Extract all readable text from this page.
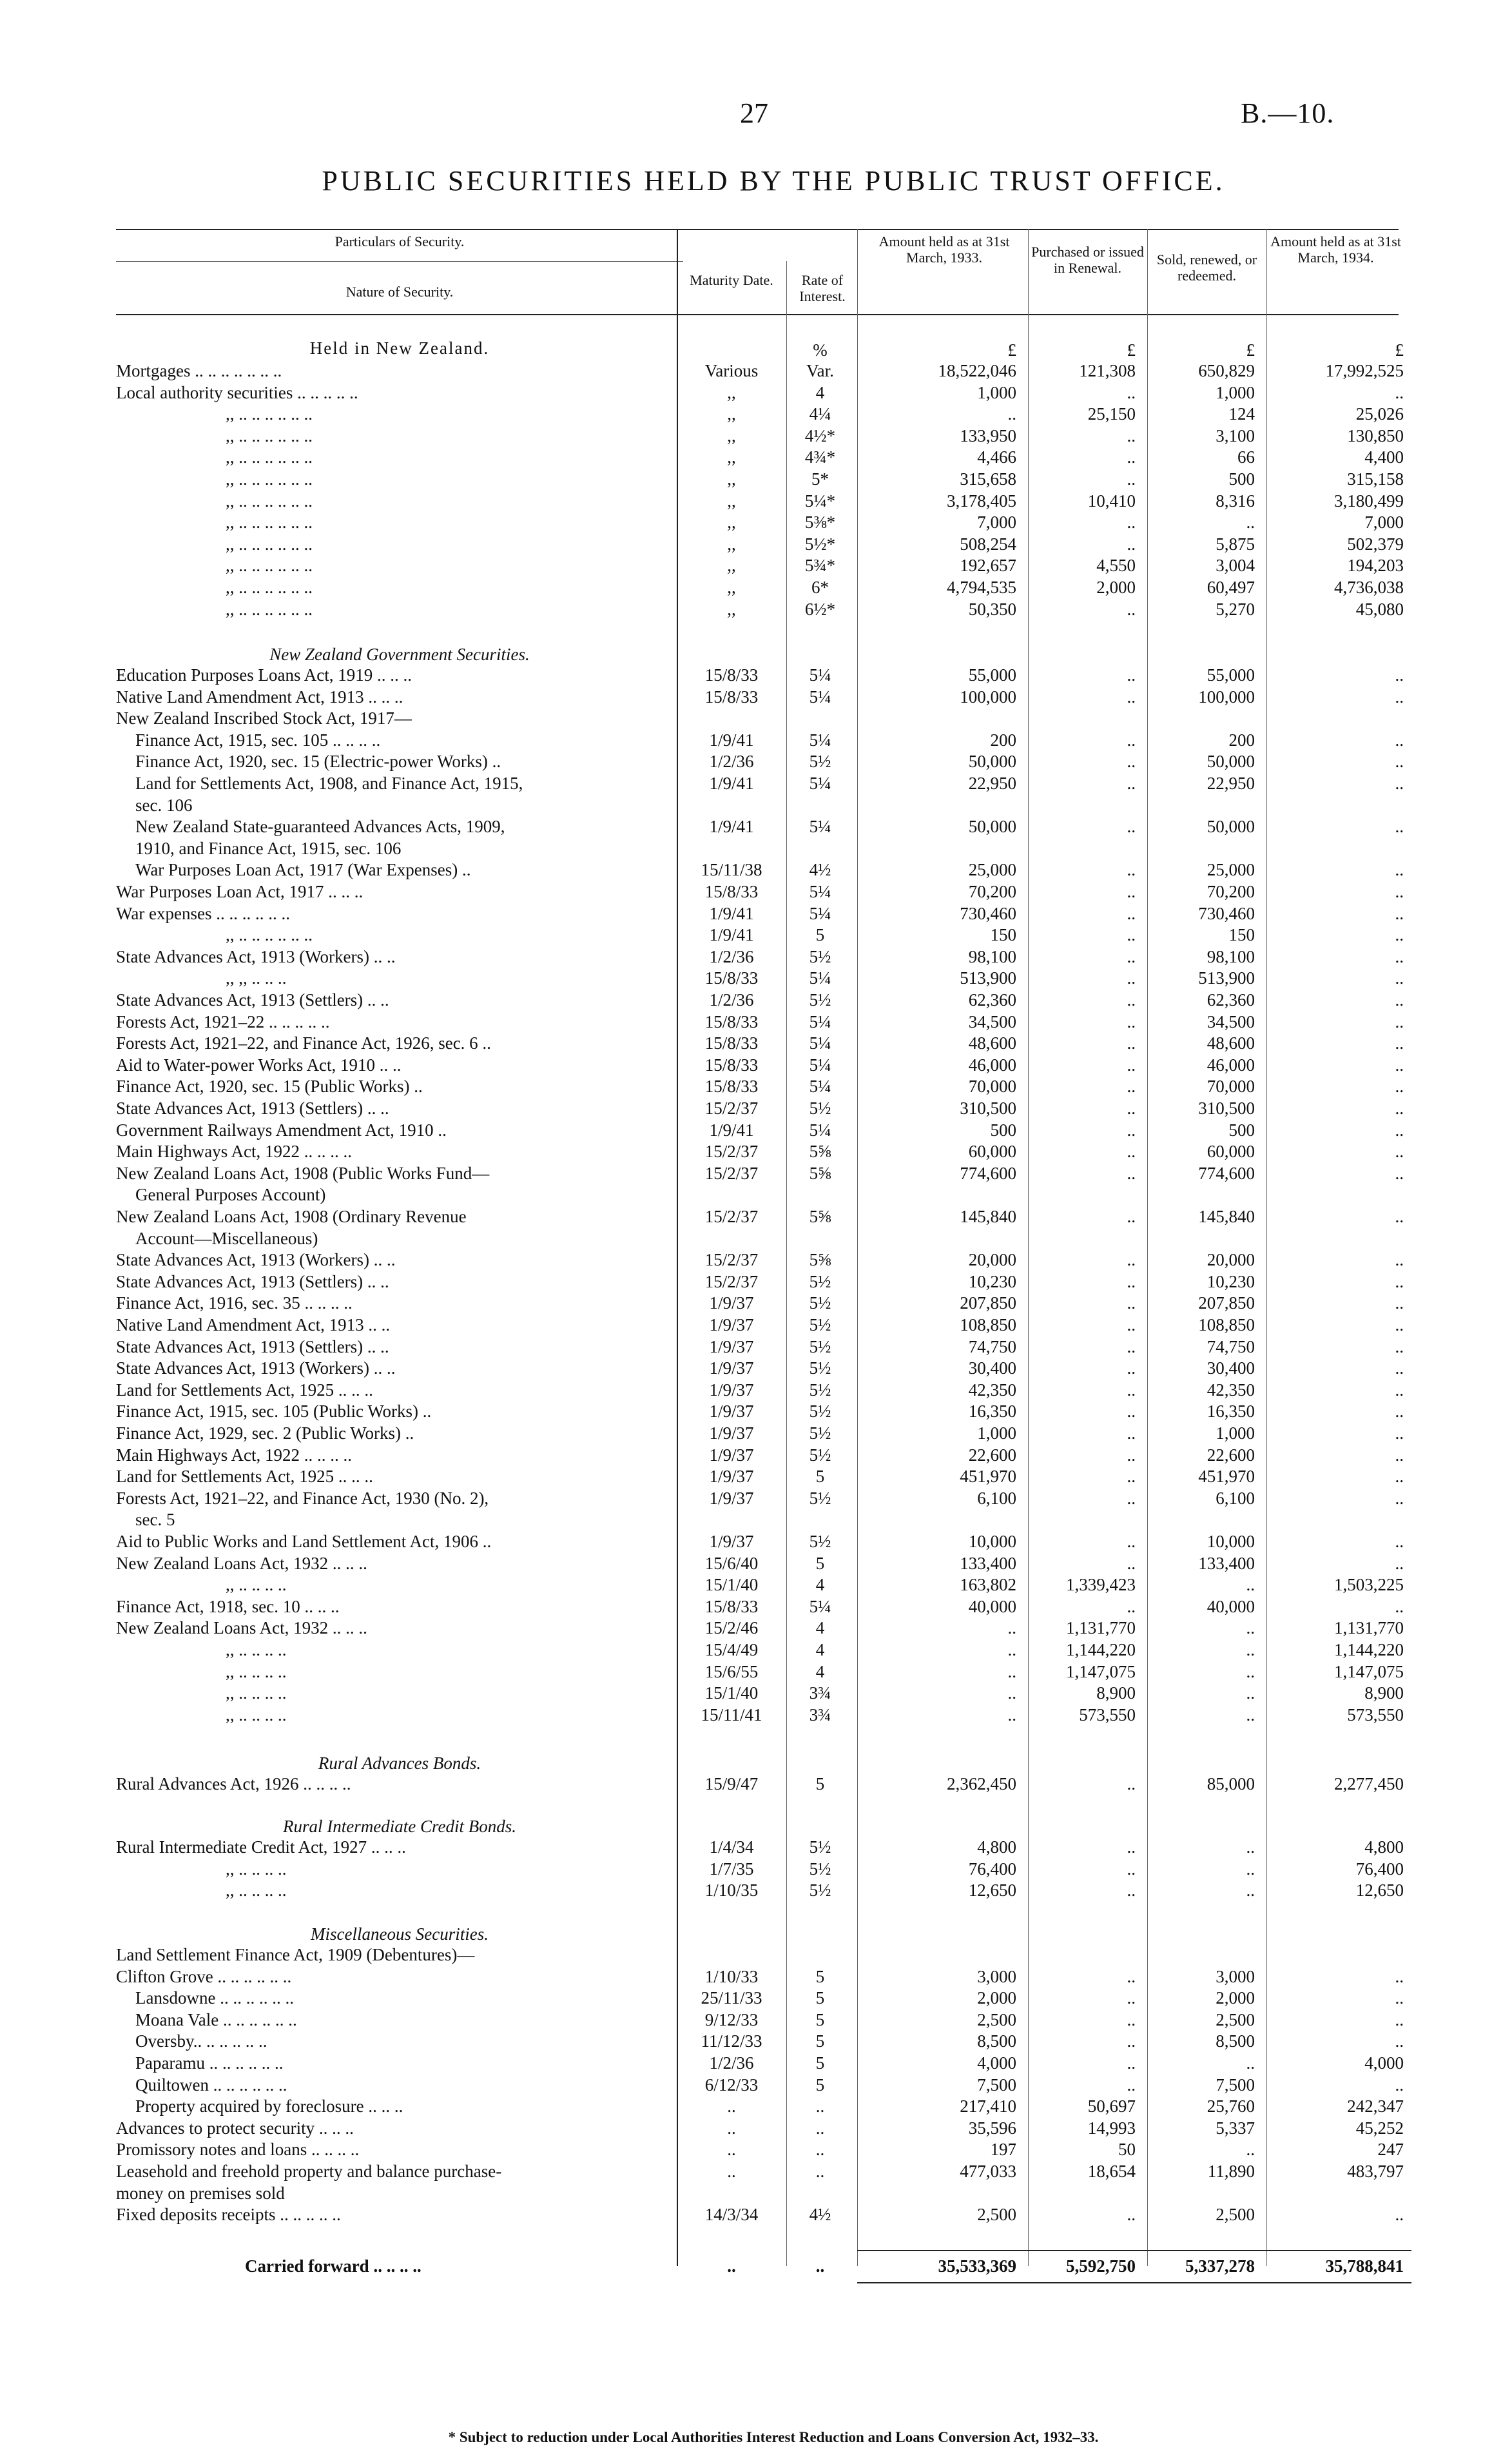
27	B.—10.
PUBLIC SECURITIES HELD BY THE PUBLIC TRUST OFFICE.
Particulars of Security.
Nature of Security.
Maturity Date.	Rate of Interest.
Amount held as at 31st March, 1933.	Purchased or issued in Renewal.
Sold, renewed, or redeemed.
Amount held as at 31st March, 1934.
Held in New Zealand.
New Zealand Government Securities.
Rural Advances Bonds.
Rural Intermediate Credit Bonds.
Miscellaneous Securities.
%	£	£	£	£
Mortgages .. .. .. .. .. .. ..	Various	Var.	18,522,046	121,308	650,829	17,992,525
Local authority securities .. .. .. .. ..	,,	4	1,000	..	1,000	..
,, .. .. .. .. .. ..	,,	4¼	..	25,150	124	25,026
,, .. .. .. .. .. ..	,,	4½*	133,950	..	3,100	130,850
,, .. .. .. .. .. ..	,,	4¾*	4,466	..	66	4,400
,, .. .. .. .. .. ..	,,	5*	315,658	..	500	315,158
,, .. .. .. .. .. ..	,,	5¼*	3,178,405	10,410	8,316	3,180,499
,, .. .. .. .. .. ..	,,	5⅜*	7,000	..	..	7,000
,, .. .. .. .. .. ..	,,	5½*	508,254	..	5,875	502,379
,, .. .. .. .. .. ..	,,	5¾*	192,657	4,550	3,004	194,203
,, .. .. .. .. .. ..	,,	6*	4,794,535	2,000	60,497	4,736,038
,, .. .. .. .. .. ..	,,	6½*	50,350	..	5,270	45,080
Education Purposes Loans Act, 1919 .. .. ..	15/8/33	5¼	55,000	..	55,000	..
Native Land Amendment Act, 1913 .. .. ..	15/8/33	5¼	100,000	..	100,000	..
New Zealand Inscribed Stock Act, 1917—
Finance Act, 1915, sec. 105 .. .. .. ..	1/9/41	5¼	200	..	200	..
Finance Act, 1920, sec. 15 (Electric-power Works) ..	1/2/36	5½	50,000	..	50,000	..
Land for Settlements Act, 1908, and Finance Act, 1915,	1/9/41	5¼	22,950	..	22,950	..
sec. 106
New Zealand State-guaranteed Advances Acts, 1909,	1/9/41	5¼	50,000	..	50,000	..
1910, and Finance Act, 1915, sec. 106
War Purposes Loan Act, 1917 (War Expenses) ..	15/11/38	4½	25,000	..	25,000	..
War Purposes Loan Act, 1917 .. .. ..	15/8/33	5¼	70,200	..	70,200	..
War expenses .. .. .. .. .. ..	1/9/41	5¼	730,460	..	730,460	..
,, .. .. .. .. .. ..	1/9/41	5	150	..	150	..
State Advances Act, 1913 (Workers) .. ..	1/2/36	5½	98,100	..	98,100	..
,, ,, .. .. ..	15/8/33	5¼	513,900	..	513,900	..
State Advances Act, 1913 (Settlers) .. ..	1/2/36	5½	62,360	..	62,360	..
Forests Act, 1921–22 .. .. .. .. ..	15/8/33	5¼	34,500	..	34,500	..
Forests Act, 1921–22, and Finance Act, 1926, sec. 6 ..	15/8/33	5¼	48,600	..	48,600	..
Aid to Water-power Works Act, 1910 .. ..	15/8/33	5¼	46,000	..	46,000	..
Finance Act, 1920, sec. 15 (Public Works) ..	15/8/33	5¼	70,000	..	70,000	..
State Advances Act, 1913 (Settlers) .. ..	15/2/37	5½	310,500	..	310,500	..
Government Railways Amendment Act, 1910 ..	1/9/41	5¼	500	..	500	..
Main Highways Act, 1922 .. .. .. ..	15/2/37	5⅝	60,000	..	60,000	..
New Zealand Loans Act, 1908 (Public Works Fund—	15/2/37	5⅝	774,600	..	774,600	..
General Purposes Account)
New Zealand Loans Act, 1908 (Ordinary Revenue	15/2/37	5⅝	145,840	..	145,840	..
Account—Miscellaneous)
State Advances Act, 1913 (Workers) .. ..	15/2/37	5⅝	20,000	..	20,000	..
State Advances Act, 1913 (Settlers) .. ..	15/2/37	5½	10,230	..	10,230	..
Finance Act, 1916, sec. 35 .. .. .. ..	1/9/37	5½	207,850	..	207,850	..
Native Land Amendment Act, 1913 .. ..	1/9/37	5½	108,850	..	108,850	..
State Advances Act, 1913 (Settlers) .. ..	1/9/37	5½	74,750	..	74,750	..
State Advances Act, 1913 (Workers) .. ..	1/9/37	5½	30,400	..	30,400	..
Land for Settlements Act, 1925 .. .. ..	1/9/37	5½	42,350	..	42,350	..
Finance Act, 1915, sec. 105 (Public Works) ..	1/9/37	5½	16,350	..	16,350	..
Finance Act, 1929, sec. 2 (Public Works) ..	1/9/37	5½	1,000	..	1,000	..
Main Highways Act, 1922 .. .. .. ..	1/9/37	5½	22,600	..	22,600	..
Land for Settlements Act, 1925 .. .. ..	1/9/37	5	451,970	..	451,970	..
Forests Act, 1921–22, and Finance Act, 1930 (No. 2),	1/9/37	5½	6,100	..	6,100	..
sec. 5
Aid to Public Works and Land Settlement Act, 1906 ..	1/9/37	5½	10,000	..	10,000	..
New Zealand Loans Act, 1932 .. .. ..	15/6/40	5	133,400	..	133,400	..
,, .. .. .. ..	15/1/40	4	163,802	1,339,423	..	1,503,225
Finance Act, 1918, sec. 10 .. .. ..	15/8/33	5¼	40,000	..	40,000	..
New Zealand Loans Act, 1932 .. .. ..	15/2/46	4	..	1,131,770	..	1,131,770
,, .. .. .. ..	15/4/49	4	..	1,144,220	..	1,144,220
,, .. .. .. ..	15/6/55	4	..	1,147,075	..	1,147,075
,, .. .. .. ..	15/1/40	3¾	..	8,900	..	8,900
,, .. .. .. ..	15/11/41	3¾	..	573,550	..	573,550
Rural Advances Act, 1926 .. .. .. ..	15/9/47	5	2,362,450	..	85,000	2,277,450
Rural Intermediate Credit Act, 1927 .. .. ..	1/4/34	5½	4,800	..	..	4,800
,, .. .. .. ..	1/7/35	5½	76,400	..	..	76,400
,, .. .. .. ..	1/10/35	5½	12,650	..	..	12,650
Land Settlement Finance Act, 1909 (Debentures)—
Clifton Grove .. .. .. .. .. ..	1/10/33	5	3,000	..	3,000	..
Lansdowne .. .. .. .. .. ..	25/11/33	5	2,000	..	2,000	..
Moana Vale .. .. .. .. .. ..	9/12/33	5	2,500	..	2,500	..
Oversby.. .. .. .. .. ..	11/12/33	5	8,500	..	8,500	..
Paparamu .. .. .. .. .. ..	1/2/36	5	4,000	..	..	4,000
Quiltowen .. .. .. .. .. ..	6/12/33	5	7,500	..	7,500	..
Property acquired by foreclosure .. .. ..	..	..	217,410	50,697	25,760	242,347
Advances to protect security .. .. ..	..	..	35,596	14,993	5,337	45,252
Promissory notes and loans .. .. .. ..	..	..	197	50	..	247
Leasehold and freehold property and balance purchase-	..	..	477,033	18,654	11,890	483,797
money on premises sold
Fixed deposits receipts .. .. .. .. ..	14/3/34	4½	2,500	..	2,500	..
Carried forward .. .. .. ..	..	..	35,533,369	5,592,750	5,337,278	35,788,841
* Subject to reduction under Local Authorities Interest Reduction and Loans Conversion Act, 1932–33.
